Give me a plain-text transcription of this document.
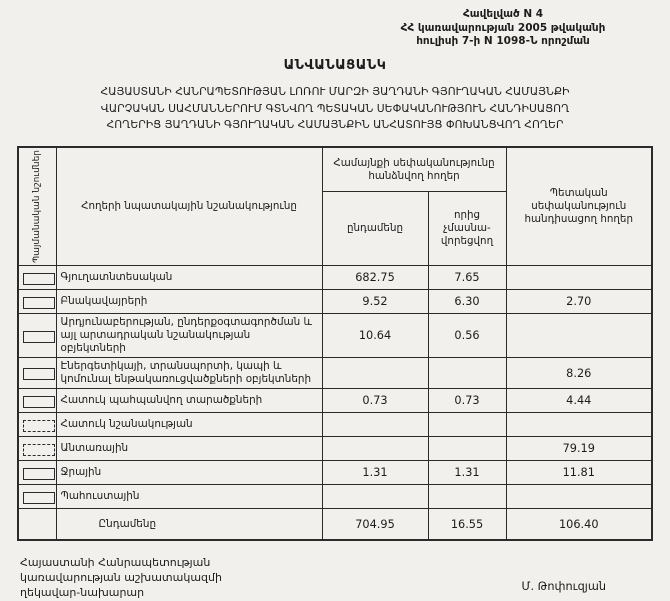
Հավելված N 4
ՀՀ կառավարության 2005 թվականի
հուլիսի 7-ի N 1098-Ն որոշման
ԱՆՎԱՆԱՑԱՆԿ
ՀԱՅԱՍՏԱՆԻ ՀԱՆՐԱՊԵՏՈՒԹՅԱՆ ԼՈՌՈՒ ՄԱՐԶԻ ՅԱՂԴԱՆԻ ԳՅՈՒՂԱԿԱՆ ՀԱՄԱՅՆՔԻ
ՎԱՐՉԱԿԱՆ ՍԱՀՄԱՆՆԵՐՈՒՄ ԳՏՆՎՈՂ ՊԵՏԱԿԱՆ ՍԵՓԱԿԱՆՈՒԹՅՈՒՆ ՀԱՆԴԻՍԱՑՈՂ
ՀՈՂԵՐԻՑ ՅԱՂԴԱՆԻ ԳՅՈՒՂԱԿԱՆ ՀԱՄԱՅՆՔԻՆ ԱՆՀԱՏՈՒՅՑ ՓՈԽԱՆՑՎՈՂ ՀՈՂԵՐ
Պայմանական նշումներ	Հողերի նպատակային նշանակությունը	Համայնքի սեփականությունը հանձնվող հողեր		Պետական սեփականություն հանդիսացող հողեր
		ընդամենը	որից չմասնա-վորեցվող	
	Գյուղատնտեսական	682.75	7.65	
	Բնակավայրերի	9.52	6.30	2.70
	Արդյունաբերության, ընդերքօգտագործման և այլ արտադրական նշանակության օբյեկտների	10.64	0.56	
	Էներգետիկայի, տրանսպորտի, կապի և կոմունալ ենթակառուցվածքների օբյեկտների			8.26
	Հատուկ պահպանվող տարածքների	0.73	0.73	4.44
	Հատուկ նշանակության			
	Անտառային			79.19
	Ջրային	1.31	1.31	11.81
	Պահուստային			
	Ընդամենը	704.95	16.55	106.40
Հայաստանի Հանրապետության
կառավարության աշխատակազմի
ղեկավար-նախարար	Մ. Թոփուզյան
